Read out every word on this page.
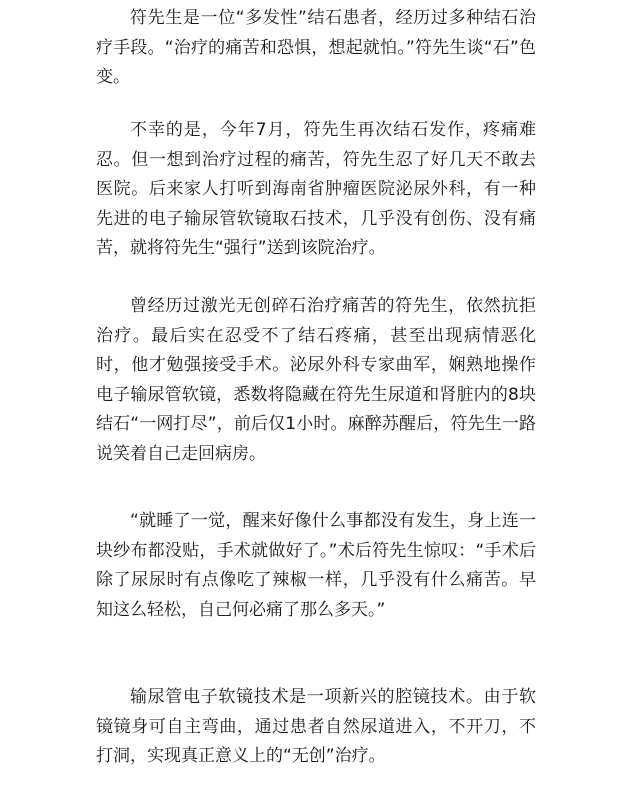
符先生是一位“多发性”结石患者，经历过多种结石治疗手段。“治疗的痛苦和恐惧，想起就怕。”符先生谈“石”色变。

不幸的是，今年7月，符先生再次结石发作，疼痛难忍。但一想到治疗过程的痛苦，符先生忍了好几天不敢去医院。后来家人打听到海南省肿瘤医院泌尿外科，有一种先进的电子输尿管软镜取石技术，几乎没有创伤、没有痛苦，就将符先生“强行”送到该院治疗。

曾经历过激光无创碎石治疗痛苦的符先生，依然抗拒治疗。最后实在忍受不了结石疼痛，甚至出现病情恶化时，他才勉强接受手术。泌尿外科专家曲军，娴熟地操作电子输尿管软镜，悉数将隐藏在符先生尿道和肾脏内的8块结石“一网打尽”，前后仅1小时。麻醉苏醒后，符先生一路说笑着自己走回病房。

“就睡了一觉，醒来好像什么事都没有发生，身上连一块纱布都没贴，手术就做好了。”术后符先生惊叹：“手术后除了尿尿时有点像吃了辣椒一样，几乎没有什么痛苦。早知这么轻松，自己何必痛了那么多天。”

输尿管电子软镜技术是一项新兴的腔镜技术。由于软镜镜身可自主弯曲，通过患者自然尿道进入，不开刀，不打洞，实现真正意义上的“无创”治疗。
